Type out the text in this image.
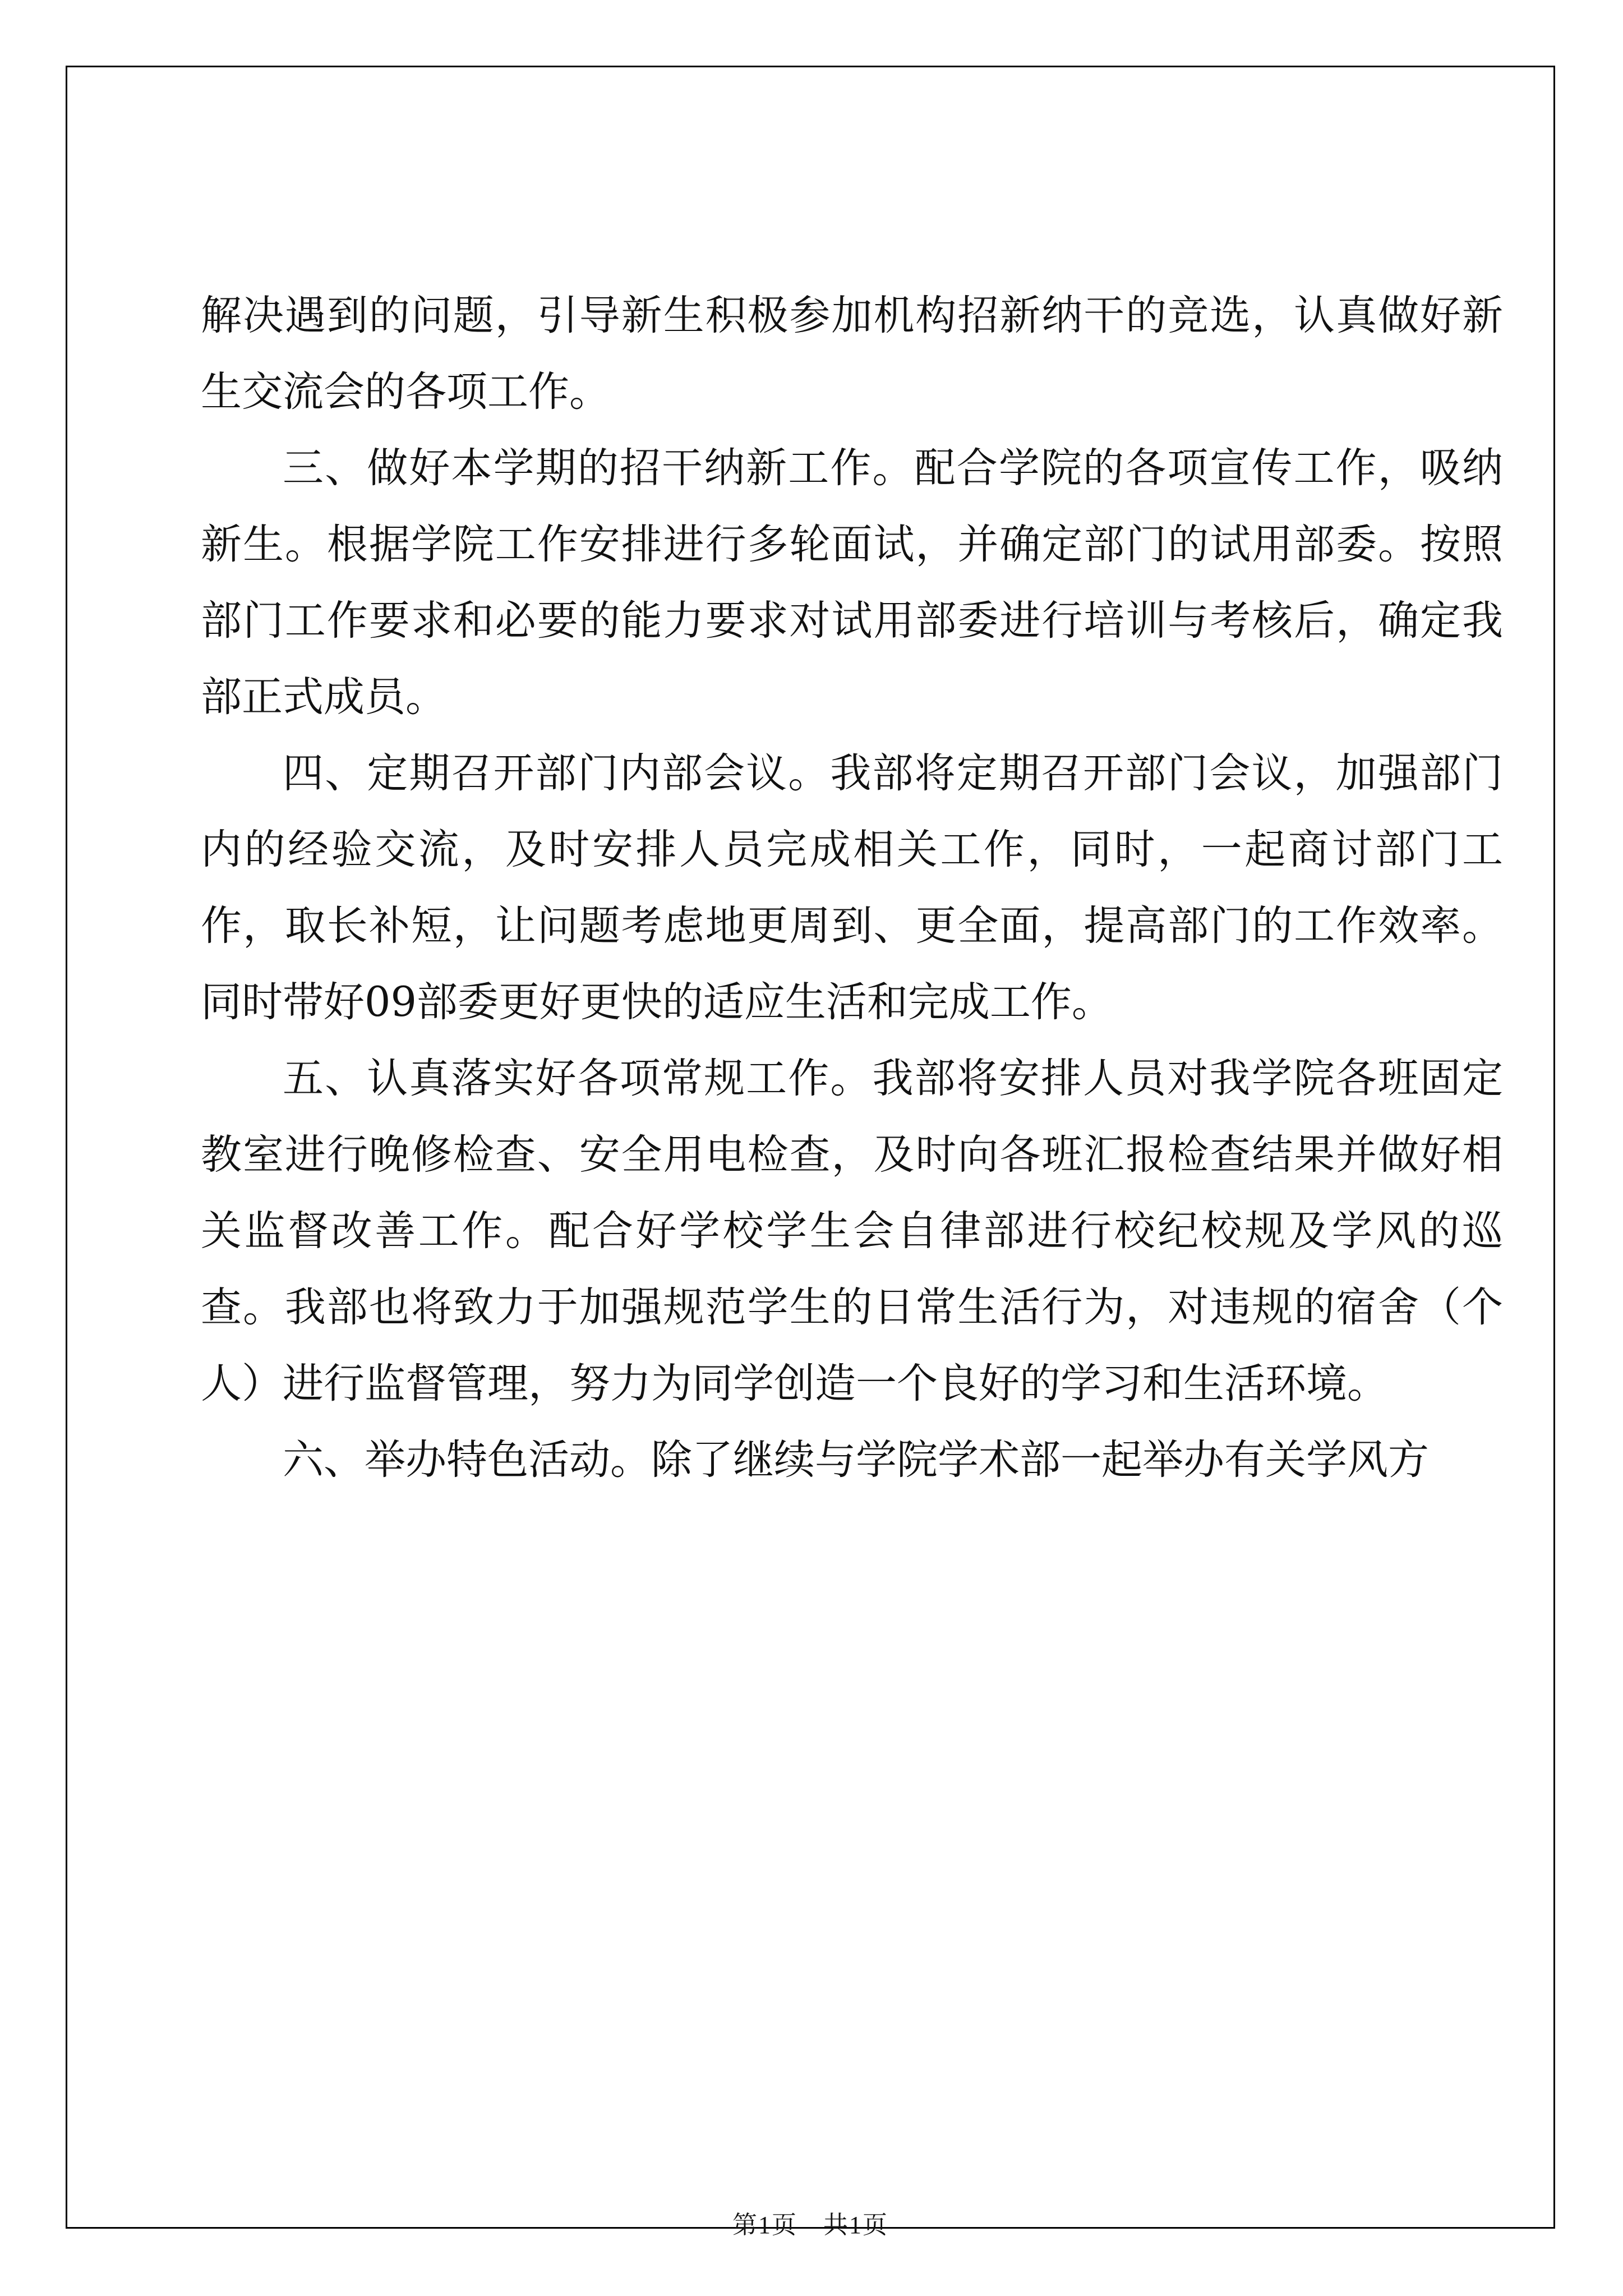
解决遇到的问题，引导新生积极参加机构招新纳干的竞选，认真做好新生交流会的各项工作。

三、做好本学期的招干纳新工作。配合学院的各项宣传工作，吸纳新生。根据学院工作安排进行多轮面试，并确定部门的试用部委。按照部门工作要求和必要的能力要求对试用部委进行培训与考核后，确定我部正式成员。

四、定期召开部门内部会议。我部将定期召开部门会议，加强部门内的经验交流，及时安排人员完成相关工作，同时，一起商讨部门工作，取长补短，让问题考虑地更周到、更全面，提高部门的工作效率。同时带好09部委更好更快的适应生活和完成工作。

五、认真落实好各项常规工作。我部将安排人员对我学院各班固定教室进行晚修检查、安全用电检查，及时向各班汇报检查结果并做好相关监督改善工作。配合好学校学生会自律部进行校纪校规及学风的巡查。我部也将致力于加强规范学生的日常生活行为，对违规的宿舍（个人）进行监督管理，努力为同学创造一个良好的学习和生活环境。

六、举办特色活动。除了继续与学院学术部一起举办有关学风方

第1页　共1页
